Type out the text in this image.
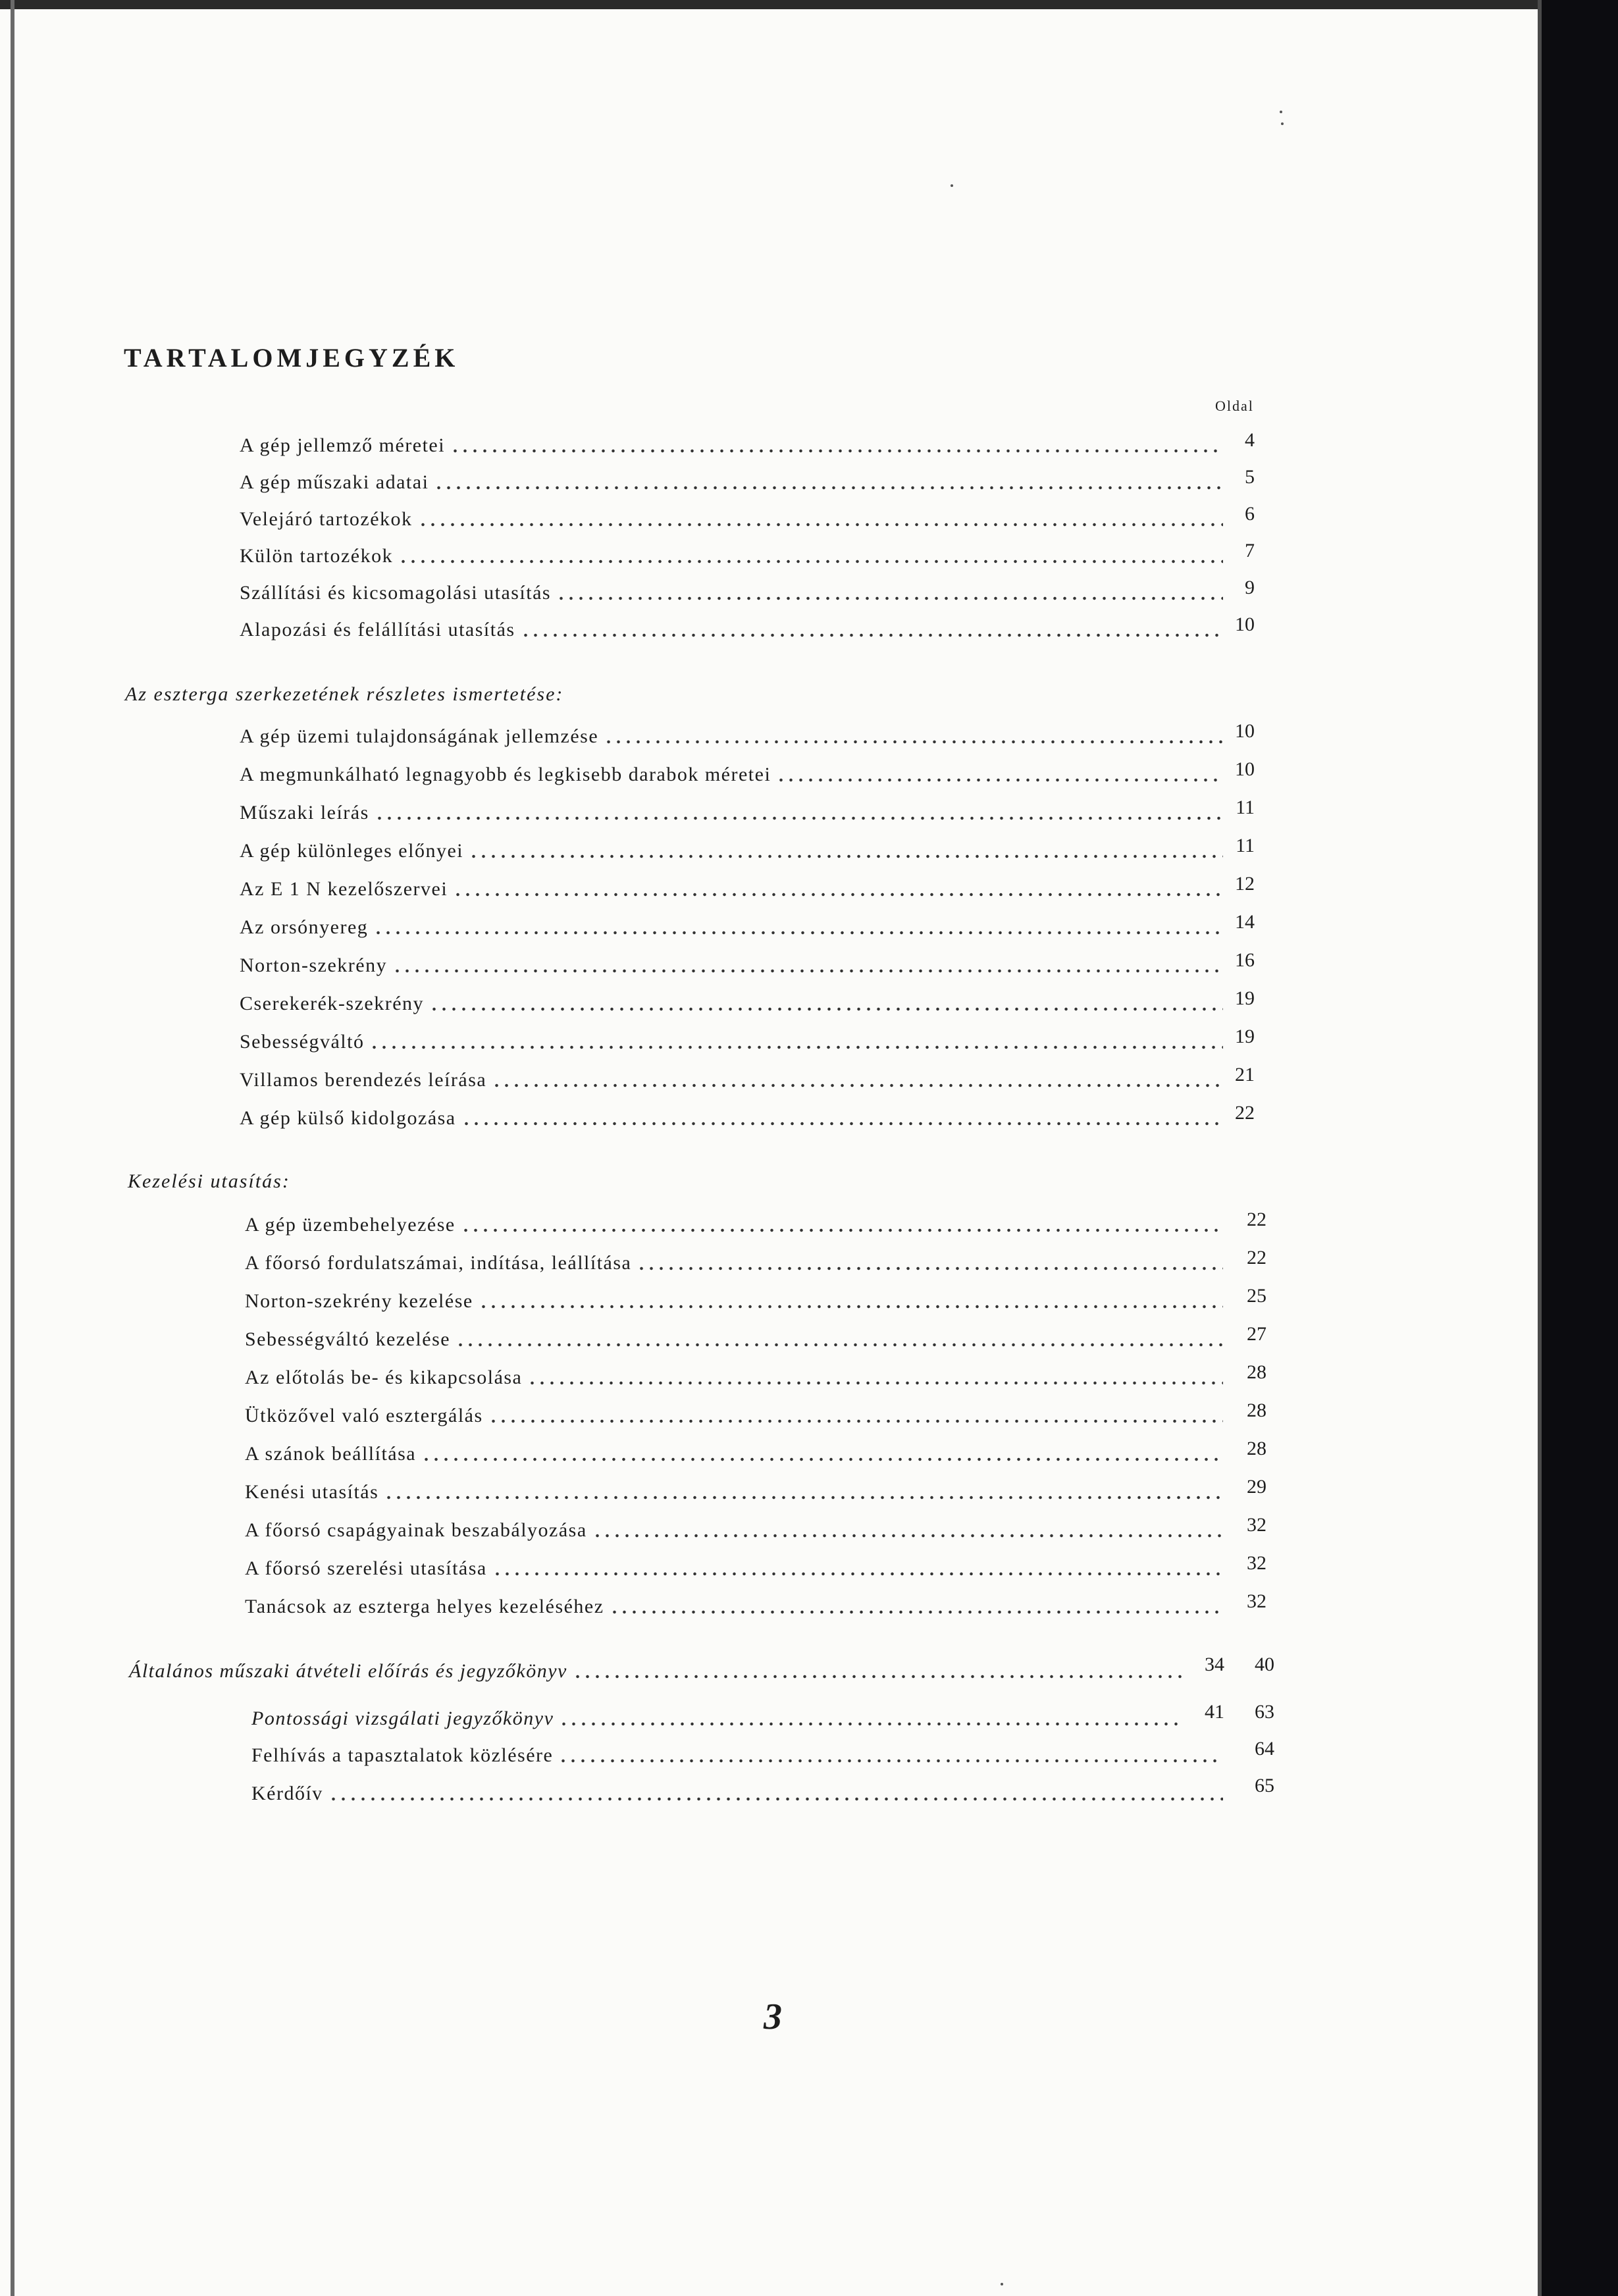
TARTALOMJEGYZÉK
Oldal
A gép jellemző méretei	4
A gép műszaki adatai	5
Velejáró tartozékok	6
Külön tartozékok	7
Szállítási és kicsomagolási utasítás	9
Alapozási és felállítási utasítás	10
Az esztergа szerkezetének részletes ismertetése:
A gép üzemi tulajdonságának jellemzése	10
A megmunkálható legnagyobb és legkisebb darabok méretei	10
Műszaki leírás	11
A gép különleges előnyei	11
Az E 1 N kezelőszervei	12
Az orsónyereg	14
Norton-szekrény	16
Cserekerék-szekrény	19
Sebességváltó	19
Villamos berendezés leírása	21
A gép külső kidolgozása	22
Kezelési utasítás:
A gép üzembehelyezése	22
A főorsó fordulatszámai, indítása, leállítása	22
Norton-szekrény kezelése	25
Sebességváltó kezelése	27
Az előtolás be- és kikapcsolása	28
Ütközővel való esztergálás	28
A szánok beállítása	28
Kenési utasítás	29
A főorsó csapágyainak beszabályozása	32
A főorsó szerelési utasítása	32
Tanácsok az esztergа helyes kezeléséhez	32
Általános műszaki átvételi előírás és jegyzőkönyv	34	40
Pontossági vizsgálati jegyzőkönyv	41	63
Felhívás a tapasztalatok közlésére	64
Kérdőív	65
3
